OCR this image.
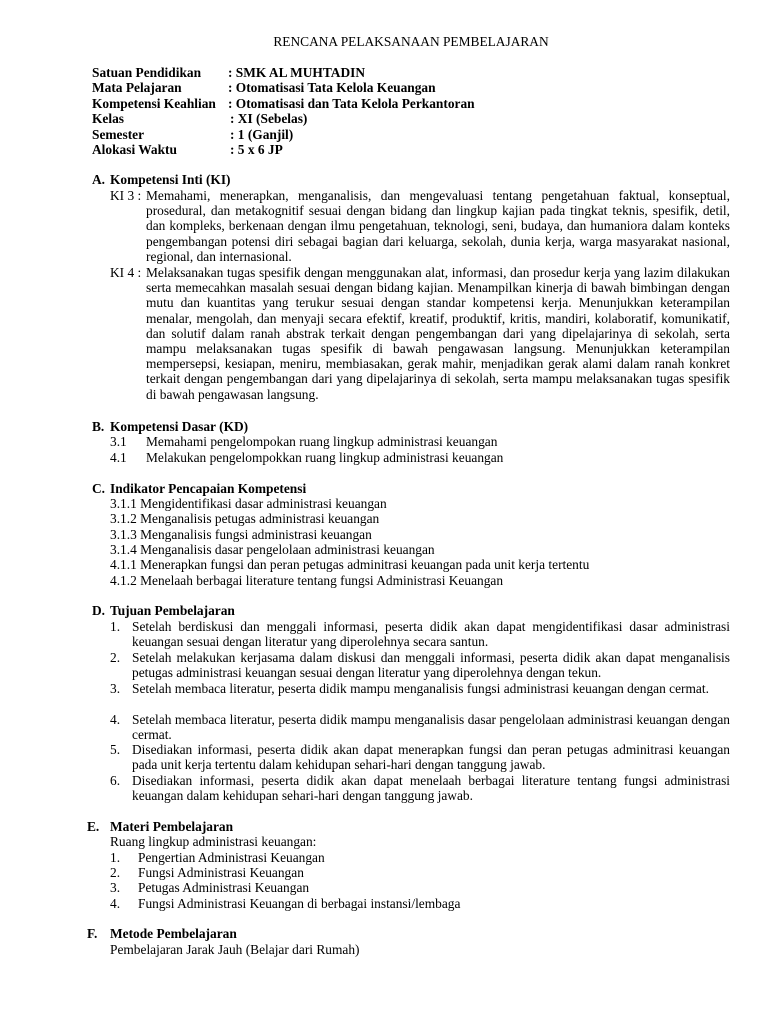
RENCANA PELAKSANAAN PEMBELAJARAN
Satuan Pendidikan	: SMK AL MUHTADIN
Mata Pelajaran	: Otomatisasi Tata Kelola Keuangan
Kompetensi Keahlian : Otomatisasi dan Tata Kelola Perkantoran
Kelas	: XI (Sebelas)
Semester	: 1 (Ganjil)
Alokasi Waktu	: 5 x 6 JP
A. Kompetensi Inti (KI)
KI 3 : Memahami, menerapkan, menganalisis, dan mengevaluasi tentang pengetahuan faktual, konseptual, prosedural, dan metakognitif sesuai dengan bidang dan lingkup kajian pada tingkat teknis, spesifik, detil, dan kompleks, berkenaan dengan ilmu pengetahuan, teknologi, seni, budaya, dan humaniora dalam konteks pengembangan potensi diri sebagai bagian dari keluarga, sekolah, dunia kerja, warga masyarakat nasional, regional, dan internasional.
KI 4 : Melaksanakan tugas spesifik dengan menggunakan alat, informasi, dan prosedur kerja yang lazim dilakukan serta memecahkan masalah sesuai dengan bidang kajian. Menampilkan kinerja di bawah bimbingan dengan mutu dan kuantitas yang terukur sesuai dengan standar kompetensi kerja. Menunjukkan keterampilan menalar, mengolah, dan menyaji secara efektif, kreatif, produktif, kritis, mandiri, kolaboratif, komunikatif, dan solutif dalam ranah abstrak terkait dengan pengembangan dari yang dipelajarinya di sekolah, serta mampu melaksanakan tugas spesifik di bawah pengawasan langsung. Menunjukkan keterampilan mempersepsi, kesiapan, meniru, membiasakan, gerak mahir, menjadikan gerak alami dalam ranah konkret terkait dengan pengembangan dari yang dipelajarinya di sekolah, serta mampu melaksanakan tugas spesifik di bawah pengawasan langsung.
B. Kompetensi Dasar (KD)
3.1 Memahami pengelompokan ruang lingkup administrasi keuangan
4.1 Melakukan pengelompokkan ruang lingkup administrasi keuangan
C. Indikator Pencapaian Kompetensi
3.1.1 Mengidentifikasi dasar administrasi keuangan
3.1.2 Menganalisis petugas administrasi keuangan
3.1.3 Menganalisis fungsi administrasi keuangan
3.1.4 Menganalisis dasar pengelolaan administrasi keuangan
4.1.1 Menerapkan fungsi dan peran petugas adminitrasi keuangan pada unit kerja tertentu
4.1.2 Menelaah berbagai literature tentang fungsi Administrasi Keuangan
D. Tujuan Pembelajaran
1. Setelah berdiskusi dan menggali informasi, peserta didik akan dapat mengidentifikasi dasar administrasi keuangan sesuai dengan literatur yang diperolehnya secara santun.
2. Setelah melakukan kerjasama dalam diskusi dan menggali informasi, peserta didik akan dapat menganalisis petugas administrasi keuangan sesuai dengan literatur yang diperolehnya dengan tekun.
3. Setelah membaca literatur, peserta didik mampu menganalisis fungsi administrasi keuangan dengan cermat.
4. Setelah membaca literatur, peserta didik mampu menganalisis dasar pengelolaan administrasi keuangan dengan cermat.
5. Disediakan informasi, peserta didik akan dapat menerapkan fungsi dan peran petugas adminitrasi keuangan pada unit kerja tertentu dalam kehidupan sehari-hari dengan tanggung jawab.
6. Disediakan informasi, peserta didik akan dapat menelaah berbagai literature tentang fungsi administrasi keuangan dalam kehidupan sehari-hari dengan tanggung jawab.
E. Materi Pembelajaran
Ruang lingkup administrasi keuangan:
1. Pengertian Administrasi Keuangan
2. Fungsi Administrasi Keuangan
3. Petugas Administrasi Keuangan
4. Fungsi Administrasi Keuangan di berbagai instansi/lembaga
F. Metode Pembelajaran
Pembelajaran Jarak Jauh (Belajar dari Rumah)
